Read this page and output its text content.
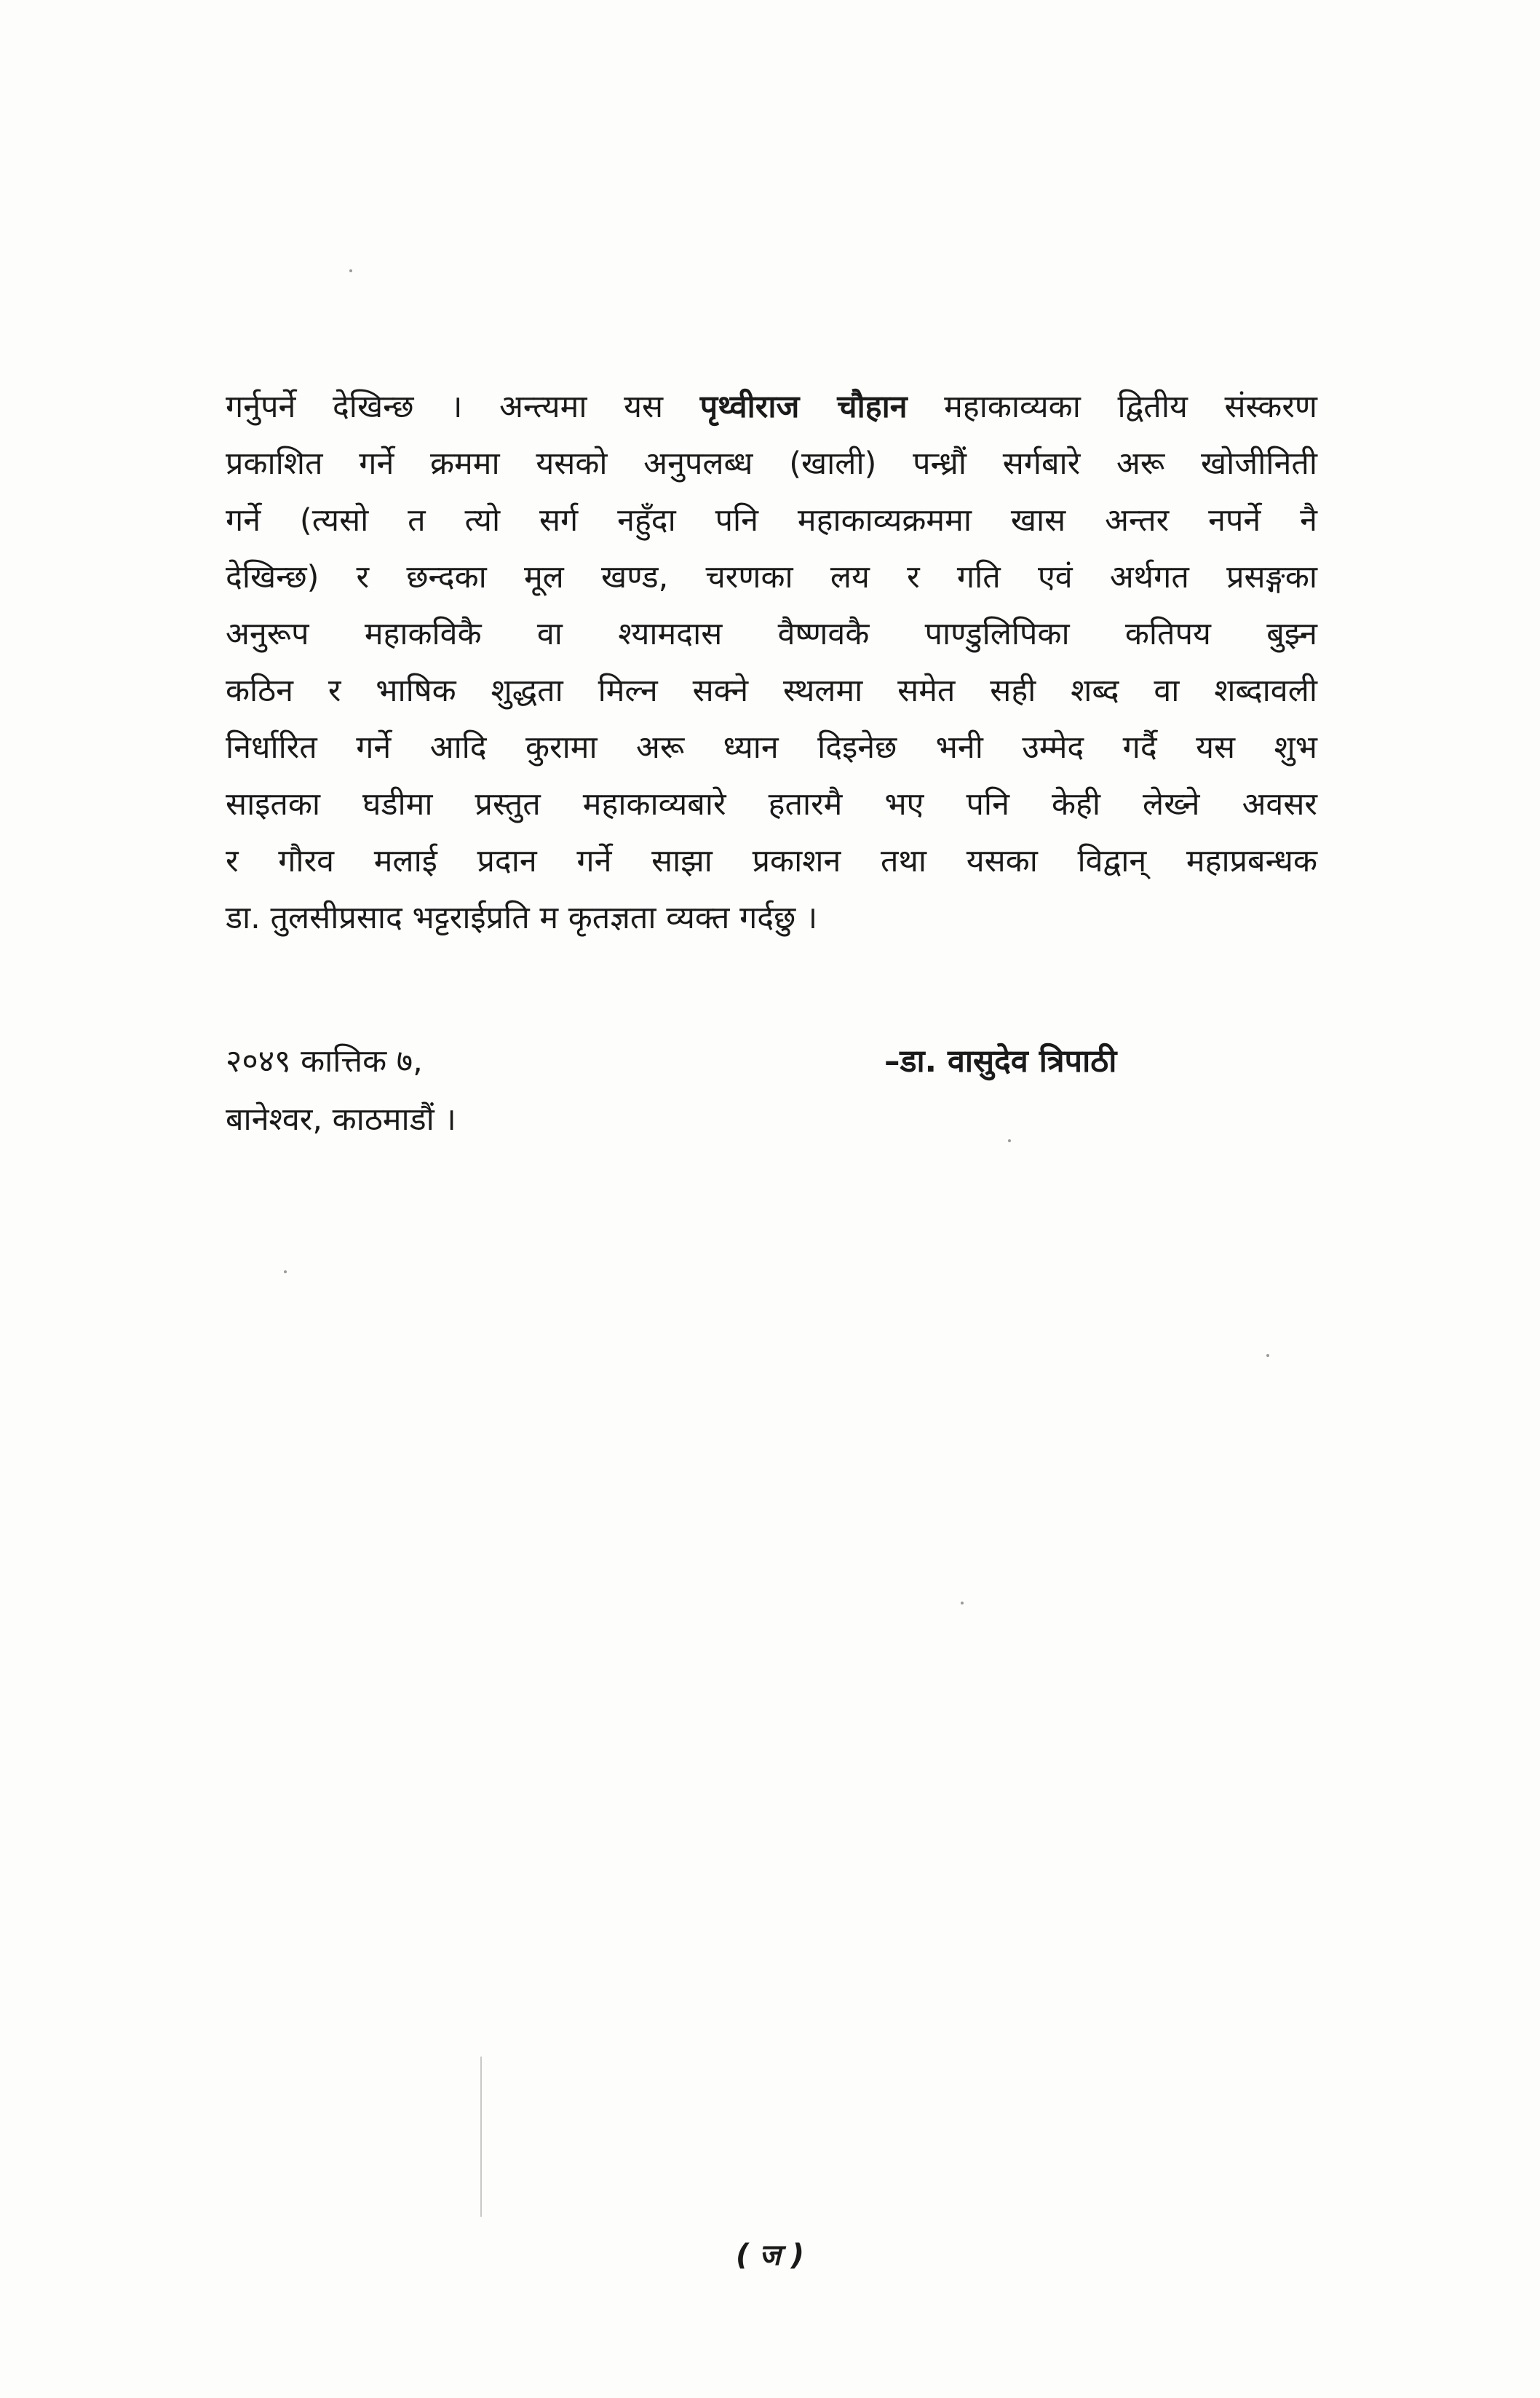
गर्नुपर्ने देखिन्छ । अन्त्यमा यस पृथ्वीराज चौहान महाकाव्यका द्वितीय संस्करण
प्रकाशित गर्ने क्रममा यसको अनुपलब्ध (खाली) पन्ध्रौं सर्गबारे अरू खोजीनिती
गर्ने (त्यसो त त्यो सर्ग नहुँदा पनि महाकाव्यक्रममा खास अन्तर नपर्ने नै
देखिन्छ) र छन्दका मूल खण्ड, चरणका लय र गति एवं अर्थगत प्रसङ्गका
अनुरूप महाकविकै वा श्यामदास वैष्णवकै पाण्डुलिपिका कतिपय बुझ्न
कठिन र भाषिक शुद्धता मिल्न सक्ने स्थलमा समेत सही शब्द वा शब्दावली
निर्धारित गर्ने आदि कुरामा अरू ध्यान दिइनेछ भनी उम्मेद गर्दै यस शुभ
साइतका घडीमा प्रस्तुत महाकाव्यबारे हतारमै भए पनि केही लेख्ने अवसर
र गौरव मलाई प्रदान गर्ने साझा प्रकाशन तथा यसका विद्वान् महाप्रबन्धक
डा. तुलसीप्रसाद भट्टराईप्रति म कृतज्ञता व्यक्त गर्दछु ।
२०४९ कात्तिक ७,
बानेश्वर, काठमाडौं ।
–डा. वासुदेव त्रिपाठी
( ज )
